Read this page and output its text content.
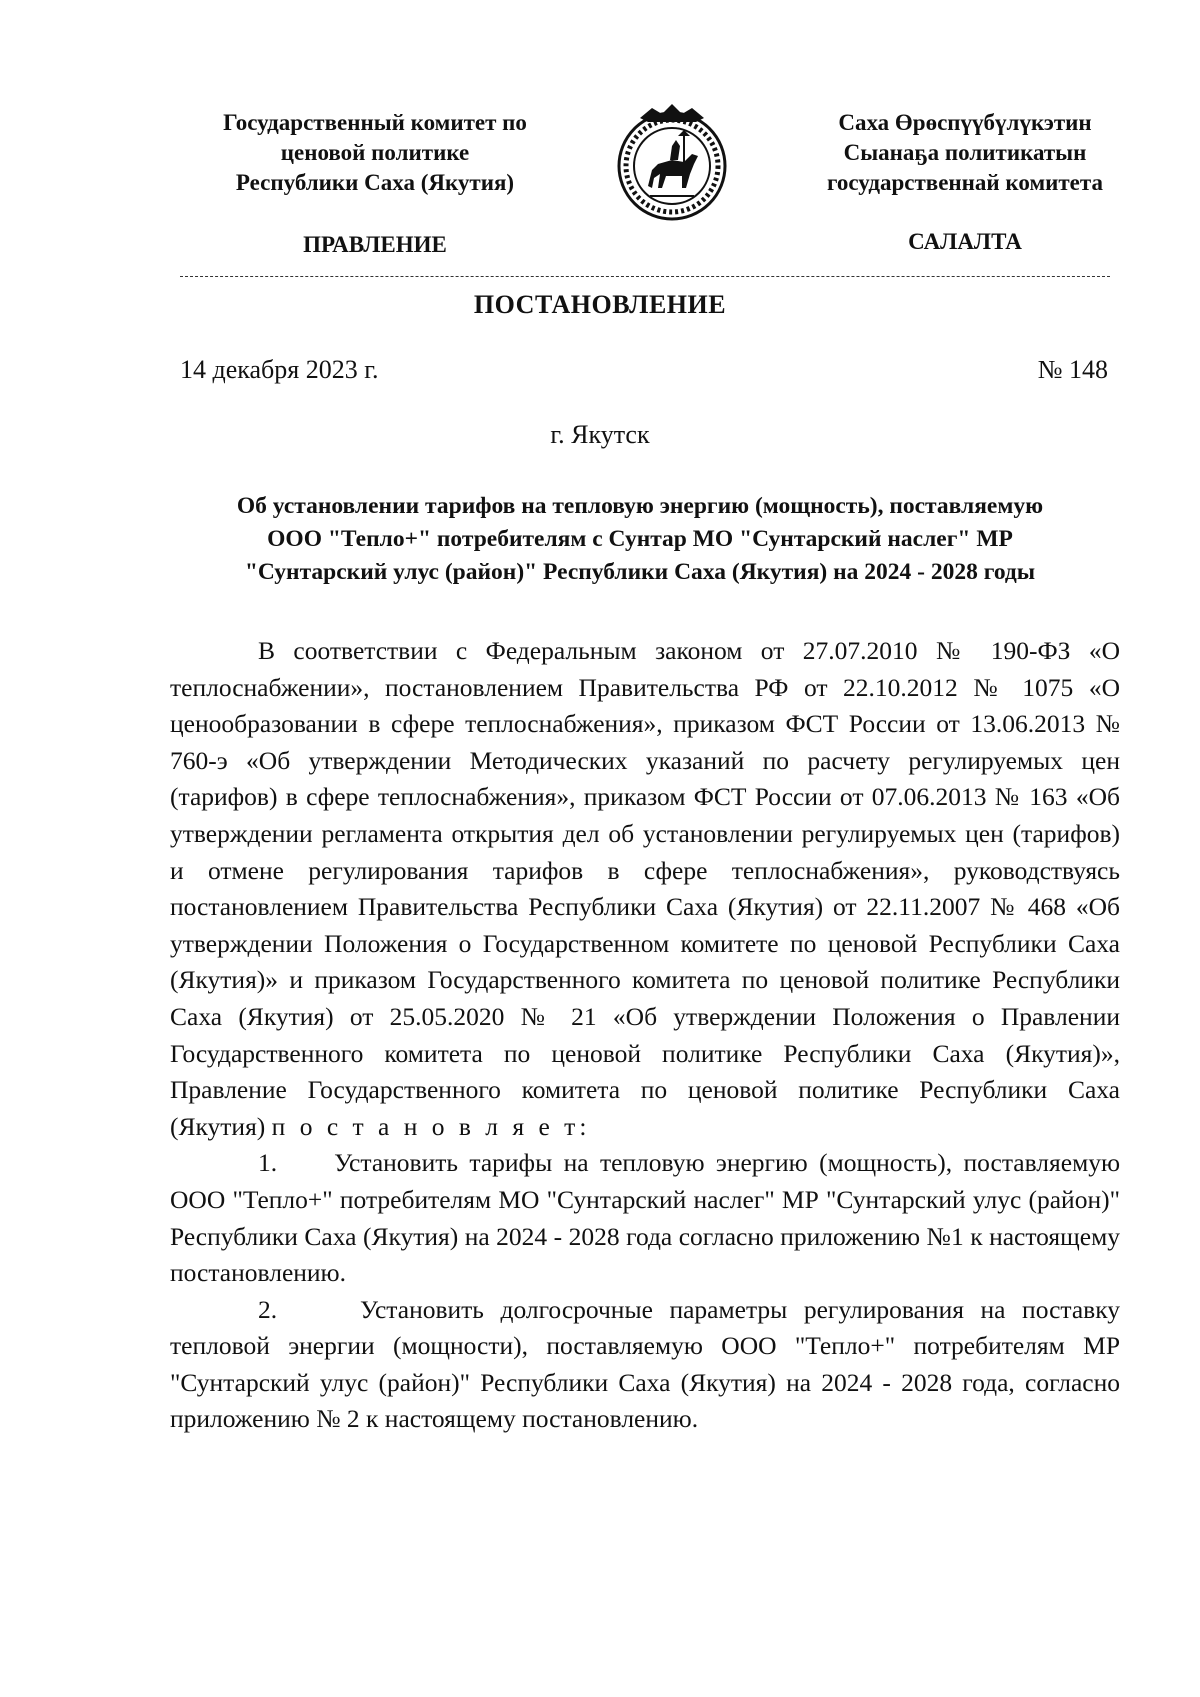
Государственный комитет по
ценовой политике
Республики Саха (Якутия)
Саха Өрөспүүбүлүкэтин
Сыанаҕа политикатын
государственнай комитета
ПРАВЛЕНИЕ	САЛАЛТА
ПОСТАНОВЛЕНИЕ
14 декабря 2023 г.	№ 148
г. Якутск
Об установлении тарифов на тепловую энергию (мощность), поставляемую
ООО "Тепло+" потребителям с Сунтар МО "Сунтарский наслег" МР
"Сунтарский улус (район)" Республики Саха (Якутия) на 2024 - 2028 годы

В соответствии с Федеральным законом от 27.07.2010 № 190-ФЗ «О теплоснабжении», постановлением Правительства РФ от 22.10.2012 № 1075 «О ценообразовании в сфере теплоснабжения», приказом ФСТ России от 13.06.2013 № 760-э «Об утверждении Методических указаний по расчету регулируемых цен (тарифов) в сфере теплоснабжения», приказом ФСТ России от 07.06.2013 № 163 «Об утверждении регламента открытия дел об установлении регулируемых цен (тарифов) и отмене регулирования тарифов в сфере теплоснабжения», руководствуясь постановлением Правительства Республики Саха (Якутия) от 22.11.2007 № 468 «Об утверждении Положения о Государственном комитете по ценовой Республики Саха (Якутия)» и приказом Государственного комитета по ценовой политике Республики Саха (Якутия) от 25.05.2020 № 21 «Об утверждении Положения о Правлении Государственного комитета по ценовой политике Республики Саха (Якутия)», Правление Государственного комитета по ценовой политике Республики Саха (Якутия) п о с т а н о в л я е т:

1. Установить тарифы на тепловую энергию (мощность), поставляемую ООО "Тепло+" потребителям МО "Сунтарский наслег" МР "Сунтарский улус (район)" Республики Саха (Якутия) на 2024 - 2028 года согласно приложению №1 к настоящему постановлению.

2.	Установить долгосрочные параметры регулирования на поставку тепловой энергии (мощности), поставляемую ООО "Тепло+" потребителям МР "Сунтарский улус (район)" Республики Саха (Якутия) на 2024 - 2028 года, согласно приложению № 2 к настоящему постановлению.
